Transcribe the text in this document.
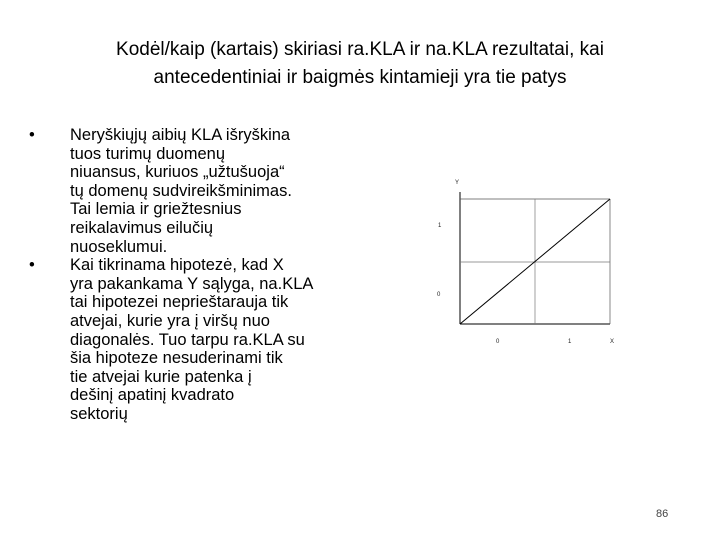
Kodėl/kaip (kartais) skiriasi ra.KLA ir na.KLA rezultatai, kai
antecedentiniai ir baigmės kintamieji yra tie patys
• Neryškiųjų aibių KLA išryškina
tuos turimų duomenų
niuansus, kuriuos „užtušuoja“
tų domenų sudvireikšminimas.
Tai lemia ir griežtesnius
reikalavimus eilučių
nuoseklumui.
• Kai tikrinama hipotezė, kad X
yra pakankama Y sąlyga, na.KLA
tai hipotezei neprieštarauja tik
atvejai, kurie yra į viršų nuo
diagonalės. Tuo tarpu ra.KLA su
šia hipoteze nesuderinami tik
tie atvejai kurie patenka į
dešinį apatinį kvadrato
sektorių
Y
1
0
0	1	X
86
